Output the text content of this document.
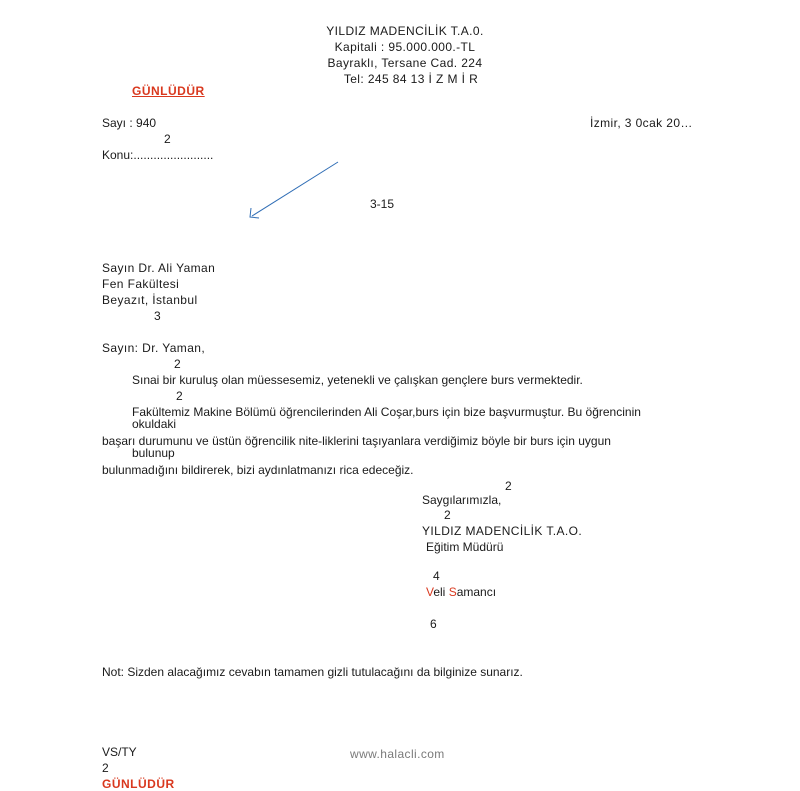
YILDIZ MADENCİLİK T.A.0.
Kapitali : 95.000.000.-TL
Bayraklı, Tersane Cad. 224
Tel: 245 84 13 İ Z M İ R
GÜNLÜDÜR
Sayı : 940
2
Konu:........................
İzmir, 3 0cak 20…
3-15
Sayın Dr. Ali Yaman
Fen Fakültesi
Beyazıt, İstanbul
3
Sayın: Dr. Yaman,
2
Sınai bir kuruluş olan müessesemiz, yetenekli ve çalışkan gençlere burs vermektedir.
2
Fakültemiz Makine Bölümü öğrencilerinden Ali Coşar,burs için bize başvurmuştur. Bu öğrencinin
okuldaki
başarı durumunu ve üstün öğrencilik nite-liklerini taşıyanlara verdiğimiz böyle bir burs için uygun
bulunup
bulunmadığını bildirerek, bizi aydınlatmanızı rica edeceğiz.
2
Saygılarımızla,
2
YILDIZ MADENCİLİK T.A.O.
Eğitim Müdürü
4
Veli Samancı
6
Not: Sizden alacağımız cevabın tamamen gizli tutulacağını da bilginize sunarız.
VS/TY
2
GÜNLÜDÜR
www.halacli.com
